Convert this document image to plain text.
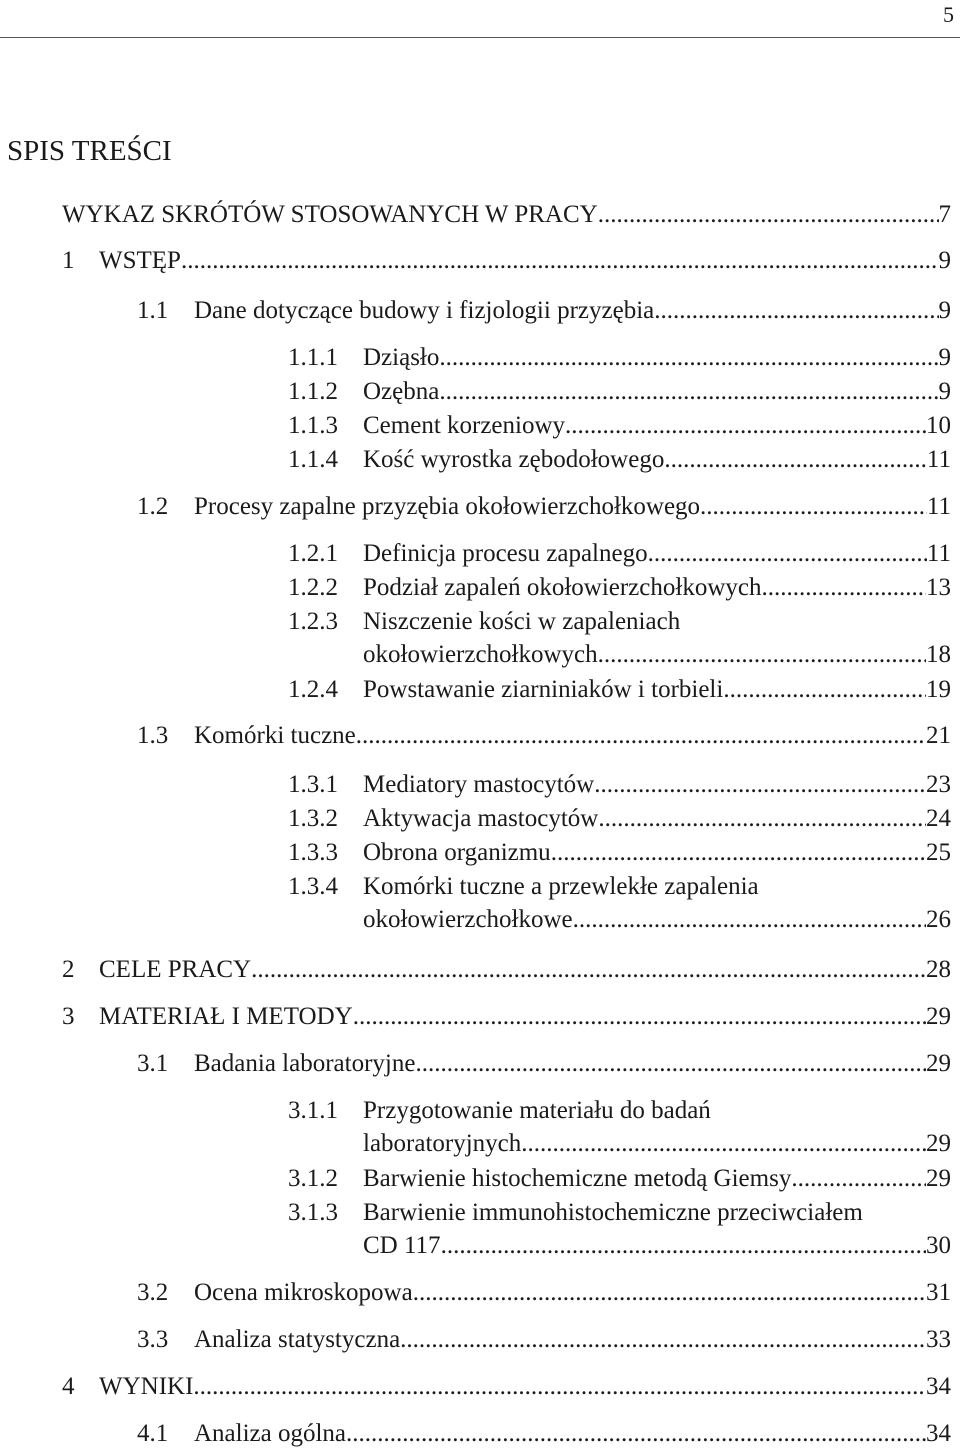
5
SPIS TREŚCI
WYKAZ SKRÓTÓW STOSOWANYCH W PRACY .....	7
1 WSTĘP .....	9
1.1	Dane dotyczące budowy i fizjologii przyzębia .....	9
1.1.1	Dziąsło .....	9
1.1.2	Ozębna .....	9
1.1.3	Cement korzeniowy .....	10
1.1.4	Kość wyrostka zębodołowego .....	11
1.2	Procesy zapalne przyzębia okołowierzchołkowego. .....	11
1.2.1	Definicja procesu zapalnego .....	11
1.2.2	Podział zapaleń okołowierzchołkowych .....	13
1.2.3	Niszczenie kości w zapaleniach
okołowierzchołkowych .....	18
1.2.4	Powstawanie ziarniniaków i torbieli .....	19
1.3	Komórki tuczne .....	21
1.3.1	Mediatory mastocytów .....	23
1.3.2	Aktywacja mastocytów .....	24
1.3.3	Obrona organizmu .....	25
1.3.4	Komórki tuczne a przewlekłe zapalenia
okołowierzchołkowe .....	26
2 CELE PRACY .....	28
3 MATERIAŁ I METODY .....	29
3.1	Badania laboratoryjne .....	29
3.1.1	Przygotowanie materiału do badań
laboratoryjnych .....	29
3.1.2	Barwienie histochemiczne metodą Giemsy .....	29
3.1.3	Barwienie immunohistochemiczne przeciwciałem
CD 117 .....	30
3.2	Ocena mikroskopowa .....	31
3.3	Analiza statystyczna .....	33
4 WYNIKI .....	34
4.1	Analiza ogólna .....	34
